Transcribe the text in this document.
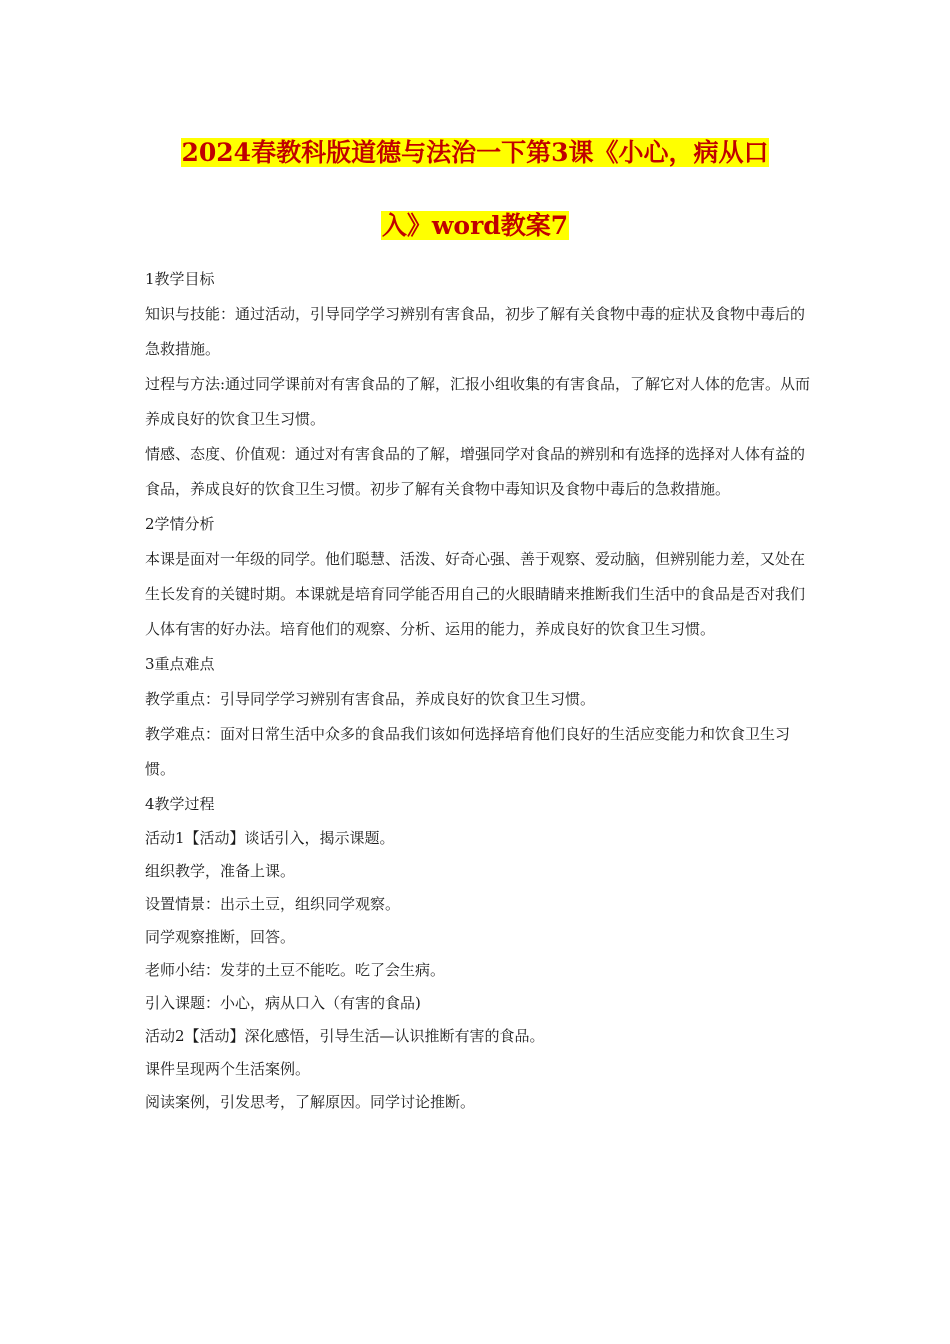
2024春教科版道德与法治一下第3课《小心，病从口
入》word教案7

1教学目标

知识与技能：通过活动，引导同学学习辨别有害食品，初步了解有关食物中毒的症状及食物中毒后的急救措施。

过程与方法:通过同学课前对有害食品的了解，汇报小组收集的有害食品，了解它对人体的危害。从而养成良好的饮食卫生习惯。

情感、态度、价值观：通过对有害食品的了解，增强同学对食品的辨别和有选择的选择对人体有益的食品，养成良好的饮食卫生习惯。初步了解有关食物中毒知识及食物中毒后的急救措施。

2学情分析

本课是面对一年级的同学。他们聪慧、活泼、好奇心强、善于观察、爱动脑，但辨别能力差，又处在生长发育的关键时期。本课就是培育同学能否用自己的火眼睛睛来推断我们生活中的食品是否对我们人体有害的好办法。培育他们的观察、分析、运用的能力，养成良好的饮食卫生习惯。

3重点难点

教学重点：引导同学学习辨别有害食品，养成良好的饮食卫生习惯。

教学难点：面对日常生活中众多的食品我们该如何选择培育他们良好的生活应变能力和饮食卫生习惯。

4教学过程

活动1【活动】谈话引入，揭示课题。

组织教学，准备上课。

设置情景：出示土豆，组织同学观察。

同学观察推断，回答。

老师小结：发芽的土豆不能吃。吃了会生病。

引入课题：小心，病从口入（有害的食品)

活动2【活动】深化感悟，引导生活—认识推断有害的食品。

课件呈现两个生活案例。

阅读案例，引发思考，了解原因。同学讨论推断。
